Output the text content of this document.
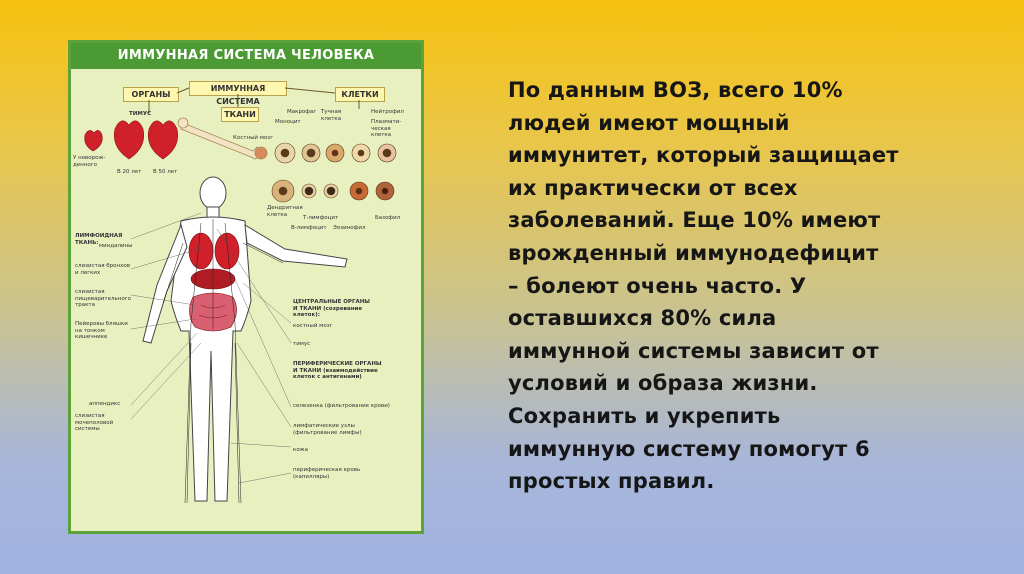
ИММУННАЯ СИСТЕМА ЧЕЛОВЕКА
ОРГАНЫ
ИММУННАЯ СИСТЕМА
КЛЕТКИ
ТКАНИ
ТИМУС
У новорож-денного
В 20 лет В 50 лет
Костный мозг
Макрофаг
Моноцит
Тучная клетка
Нейтрофил
Плазмати-ческая клетка
Дендритная клетка
Т-лимфоцит
В-лимфоцит Эозинофил
Базофил
ЛИМФОИДНАЯ ТКАНЬ:
миндалины
слизистая бронхов и легких
слизистая пищеварительного тракта
Пейеровы бляшки на тонком кишечнике
аппендикс
слизистая мочеполовой системы
ЦЕНТРАЛЬНЫЕ ОРГАНЫ И ТКАНИ (созревание клеток):
костный мозг
тимус
ПЕРИФЕРИЧЕСКИЕ ОРГАНЫ И ТКАНИ (взаимодействие клеток с антигенами)
селезенка (фильтрование крови)
лимфатические узлы (фильтрование лимфы)
кожа
периферическая кровь (капилляры)
По данным ВОЗ, всего 10%
людей имеют мощный
иммунитет, который защищает
их практически от всех
заболеваний. Еще 10% имеют
врожденный иммунодефицит
– болеют очень часто. У
оставшихся 80% сила
иммунной системы зависит от
условий и образа жизни.
Сохранить и укрепить
иммунную систему помогут 6
простых правил.
